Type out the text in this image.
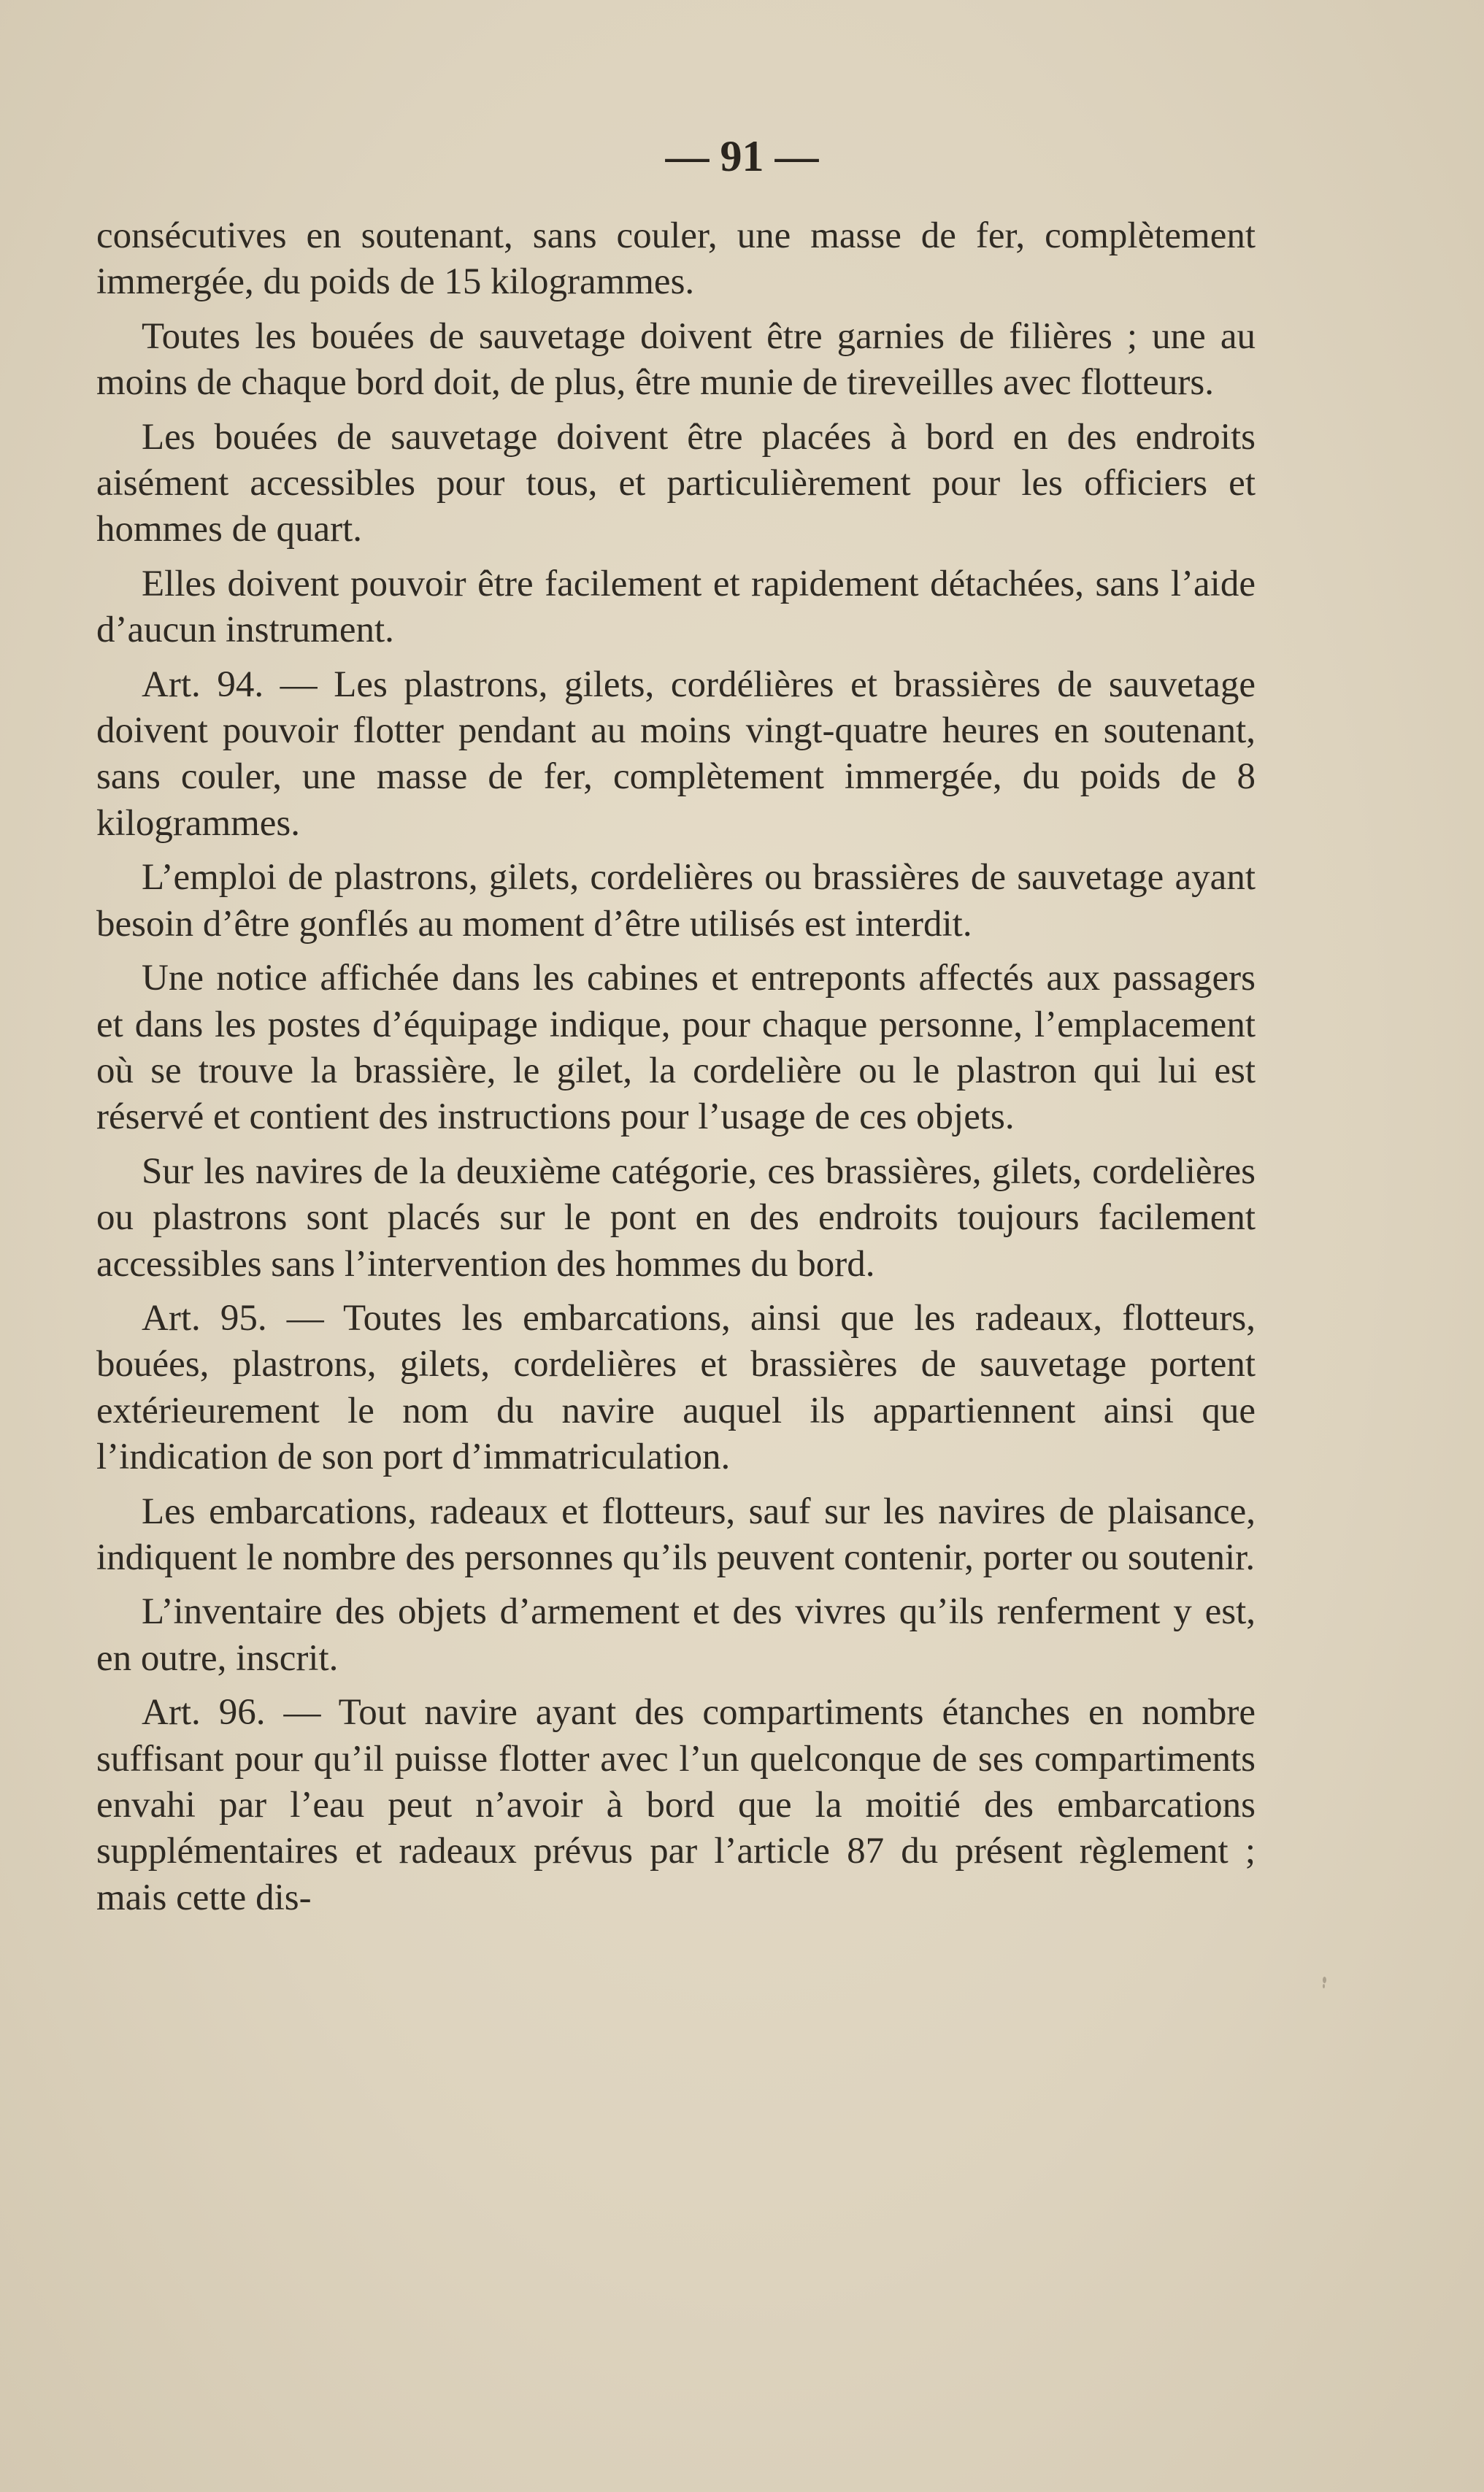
— 91 —

consécutives en soutenant, sans couler, une masse de fer, complètement immergée, du poids de 15 kilogrammes.

Toutes les bouées de sauvetage doivent être garnies de filières ; une au moins de chaque bord doit, de plus, être munie de tireveilles avec flotteurs.

Les bouées de sauvetage doivent être placées à bord en des endroits aisément accessibles pour tous, et particulièrement pour les officiers et hommes de quart.

Elles doivent pouvoir être facilement et rapidement détachées, sans l’aide d’aucun instrument.

Art. 94. — Les plastrons, gilets, cordélières et brassières de sauvetage doivent pouvoir flotter pendant au moins vingt-quatre heures en soutenant, sans couler, une masse de fer, complètement immergée, du poids de 8 kilogrammes.

L’emploi de plastrons, gilets, cordelières ou brassières de sauvetage ayant besoin d’être gonflés au moment d’être utilisés est interdit.

Une notice affichée dans les cabines et entreponts affectés aux passagers et dans les postes d’équipage indique, pour chaque personne, l’emplacement où se trouve la brassière, le gilet, la cordelière ou le plastron qui lui est réservé et contient des instructions pour l’usage de ces objets.

Sur les navires de la deuxième catégorie, ces brassières, gilets, cordelières ou plastrons sont placés sur le pont en des endroits toujours facilement accessibles sans l’intervention des hommes du bord.

Art. 95. — Toutes les embarcations, ainsi que les radeaux, flotteurs, bouées, plastrons, gilets, cordelières et brassières de sauvetage portent extérieurement le nom du navire auquel ils appartiennent ainsi que l’indication de son port d’immatriculation.

Les embarcations, radeaux et flotteurs, sauf sur les navires de plaisance, indiquent le nombre des personnes qu’ils peuvent contenir, porter ou soutenir.

L’inventaire des objets d’armement et des vivres qu’ils renferment y est, en outre, inscrit.

Art. 96. — Tout navire ayant des compartiments étanches en nombre suffisant pour qu’il puisse flotter avec l’un quelconque de ses compartiments envahi par l’eau peut n’avoir à bord que la moitié des embarcations supplémentaires et radeaux prévus par l’article 87 du présent règlement ; mais cette dis-
